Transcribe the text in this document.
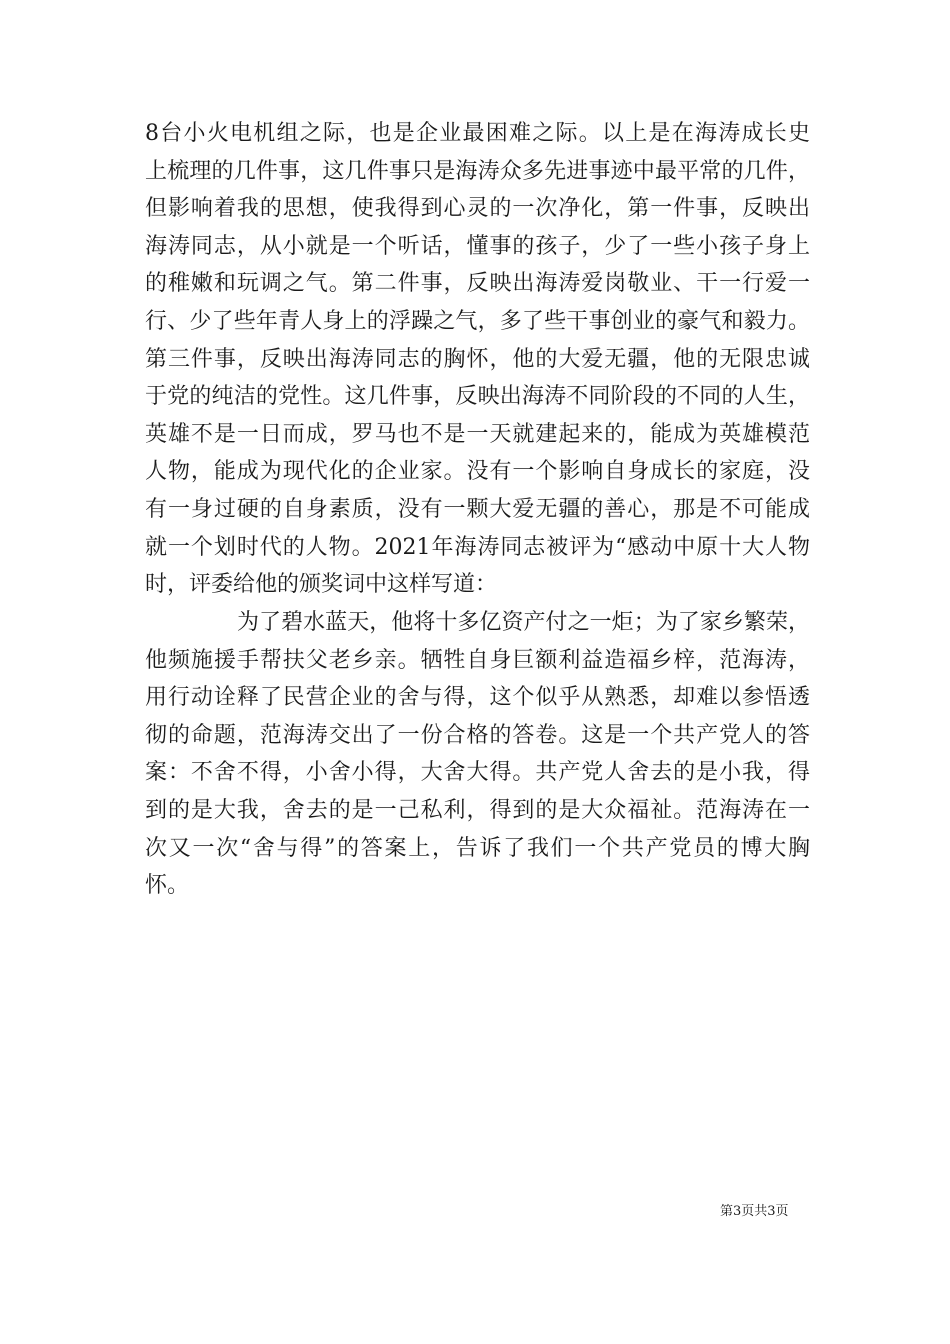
8台小火电机组之际，也是企业最困难之际。以上是在海涛成长史
上梳理的几件事，这几件事只是海涛众多先进事迹中最平常的几件，
但影响着我的思想，使我得到心灵的一次净化，第一件事，反映出
海涛同志，从小就是一个听话，懂事的孩子，少了一些小孩子身上
的稚嫩和玩调之气。第二件事，反映出海涛爱岗敬业、干一行爱一
行、少了些年青人身上的浮躁之气，多了些干事创业的豪气和毅力。
第三件事，反映出海涛同志的胸怀，他的大爱无疆，他的无限忠诚
于党的纯洁的党性。这几件事，反映出海涛不同阶段的不同的人生，
英雄不是一日而成，罗马也不是一天就建起来的，能成为英雄模范
人物，能成为现代化的企业家。没有一个影响自身成长的家庭，没
有一身过硬的自身素质，没有一颗大爱无疆的善心，那是不可能成
就一个划时代的人物。2021年海涛同志被评为“感动中原十大人物
时，评委给他的颁奖词中这样写道：
为了碧水蓝天，他将十多亿资产付之一炬；为了家乡繁荣，
他频施援手帮扶父老乡亲。牺牲自身巨额利益造福乡梓，范海涛，
用行动诠释了民营企业的舍与得，这个似乎从熟悉，却难以参悟透
彻的命题，范海涛交出了一份合格的答卷。这是一个共产党人的答
案：不舍不得，小舍小得，大舍大得。共产党人舍去的是小我，得
到的是大我，舍去的是一己私利，得到的是大众福祉。范海涛在一
次又一次“舍与得”的答案上，告诉了我们一个共产党员的博大胸
怀。
第3页共3页
